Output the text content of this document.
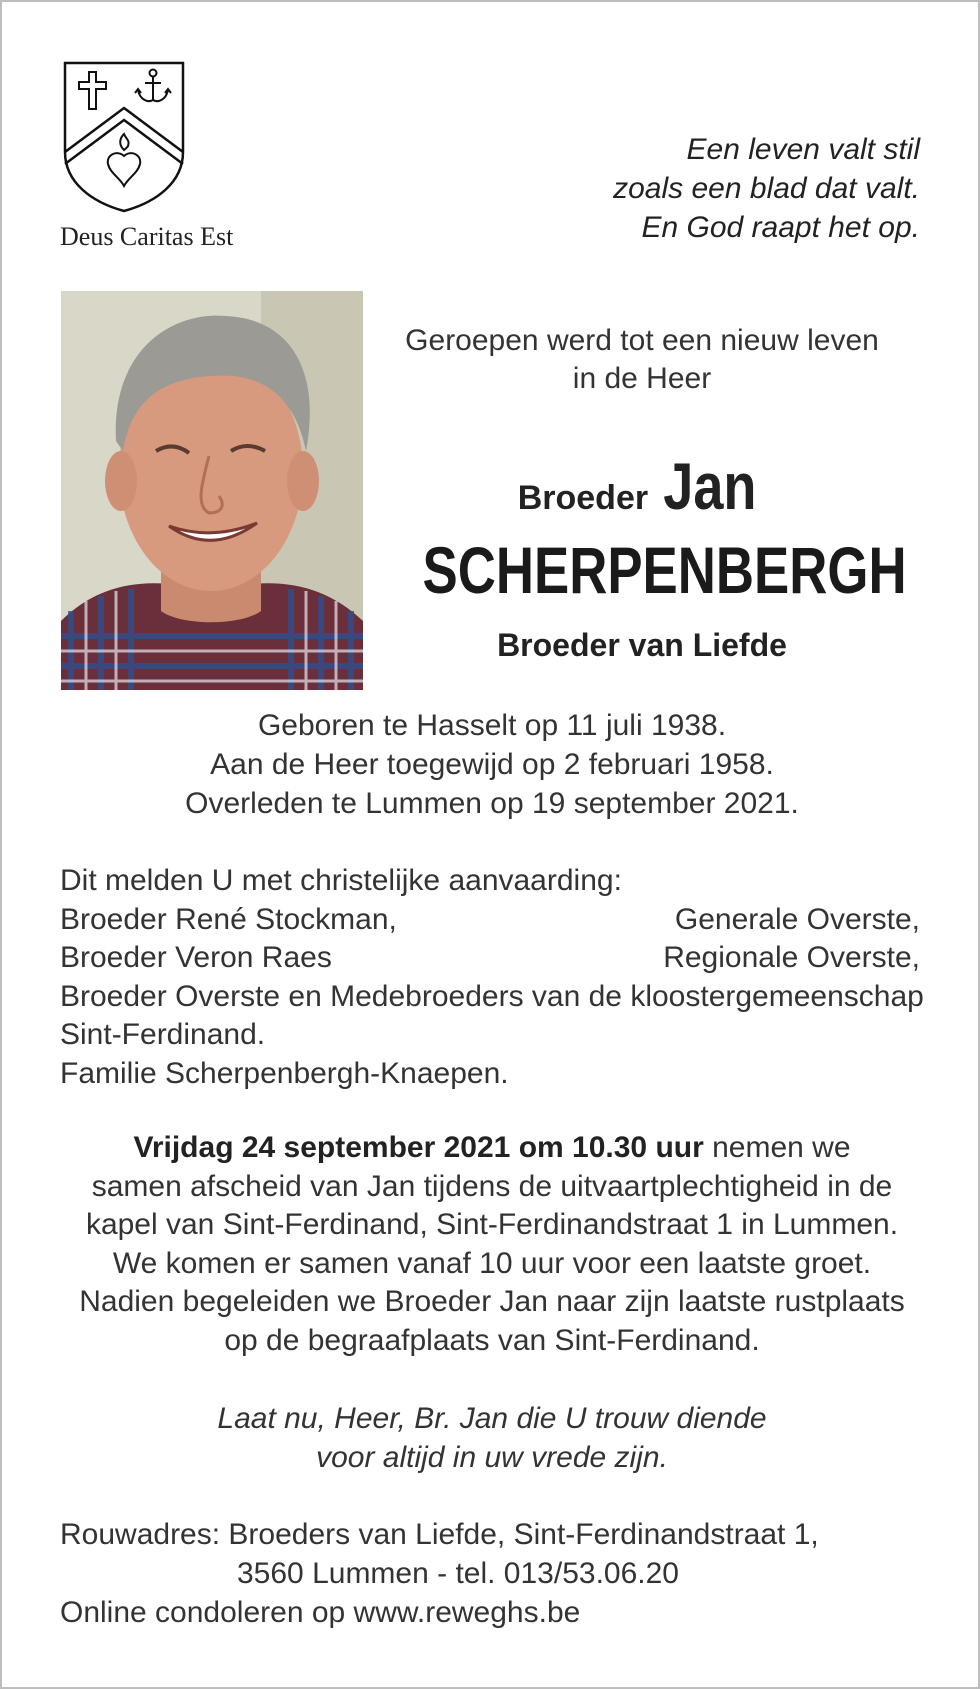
Deus Caritas Est
Een leven valt stil
zoals een blad dat valt.
En God raapt het op.
Geroepen werd tot een nieuw leven
in de Heer
Broeder Jan
SCHERPENBERGH
Broeder van Liefde
Geboren te Hasselt op 11 juli 1938.
Aan de Heer toegewijd op 2 februari 1958.
Overleden te Lummen op 19 september 2021.
Dit melden U met christelijke aanvaarding:
Broeder René Stockman,	Generale Overste,
Broeder Veron Raes	Regionale Overste,
Broeder Overste en Medebroeders van de kloostergemeenschap
Sint-Ferdinand.
Familie Scherpenbergh-Knaepen.
Vrijdag 24 september 2021 om 10.30 uur nemen we
samen afscheid van Jan tijdens de uitvaartplechtigheid in de
kapel van Sint-Ferdinand, Sint-Ferdinandstraat 1 in Lummen.
We komen er samen vanaf 10 uur voor een laatste groet.
Nadien begeleiden we Broeder Jan naar zijn laatste rustplaats
op de begraafplaats van Sint-Ferdinand.
Laat nu, Heer, Br. Jan die U trouw diende
voor altijd in uw vrede zijn.
Rouwadres: Broeders van Liefde, Sint-Ferdinandstraat 1,
3560 Lummen - tel. 013/53.06.20
Online condoleren op www.reweghs.be
